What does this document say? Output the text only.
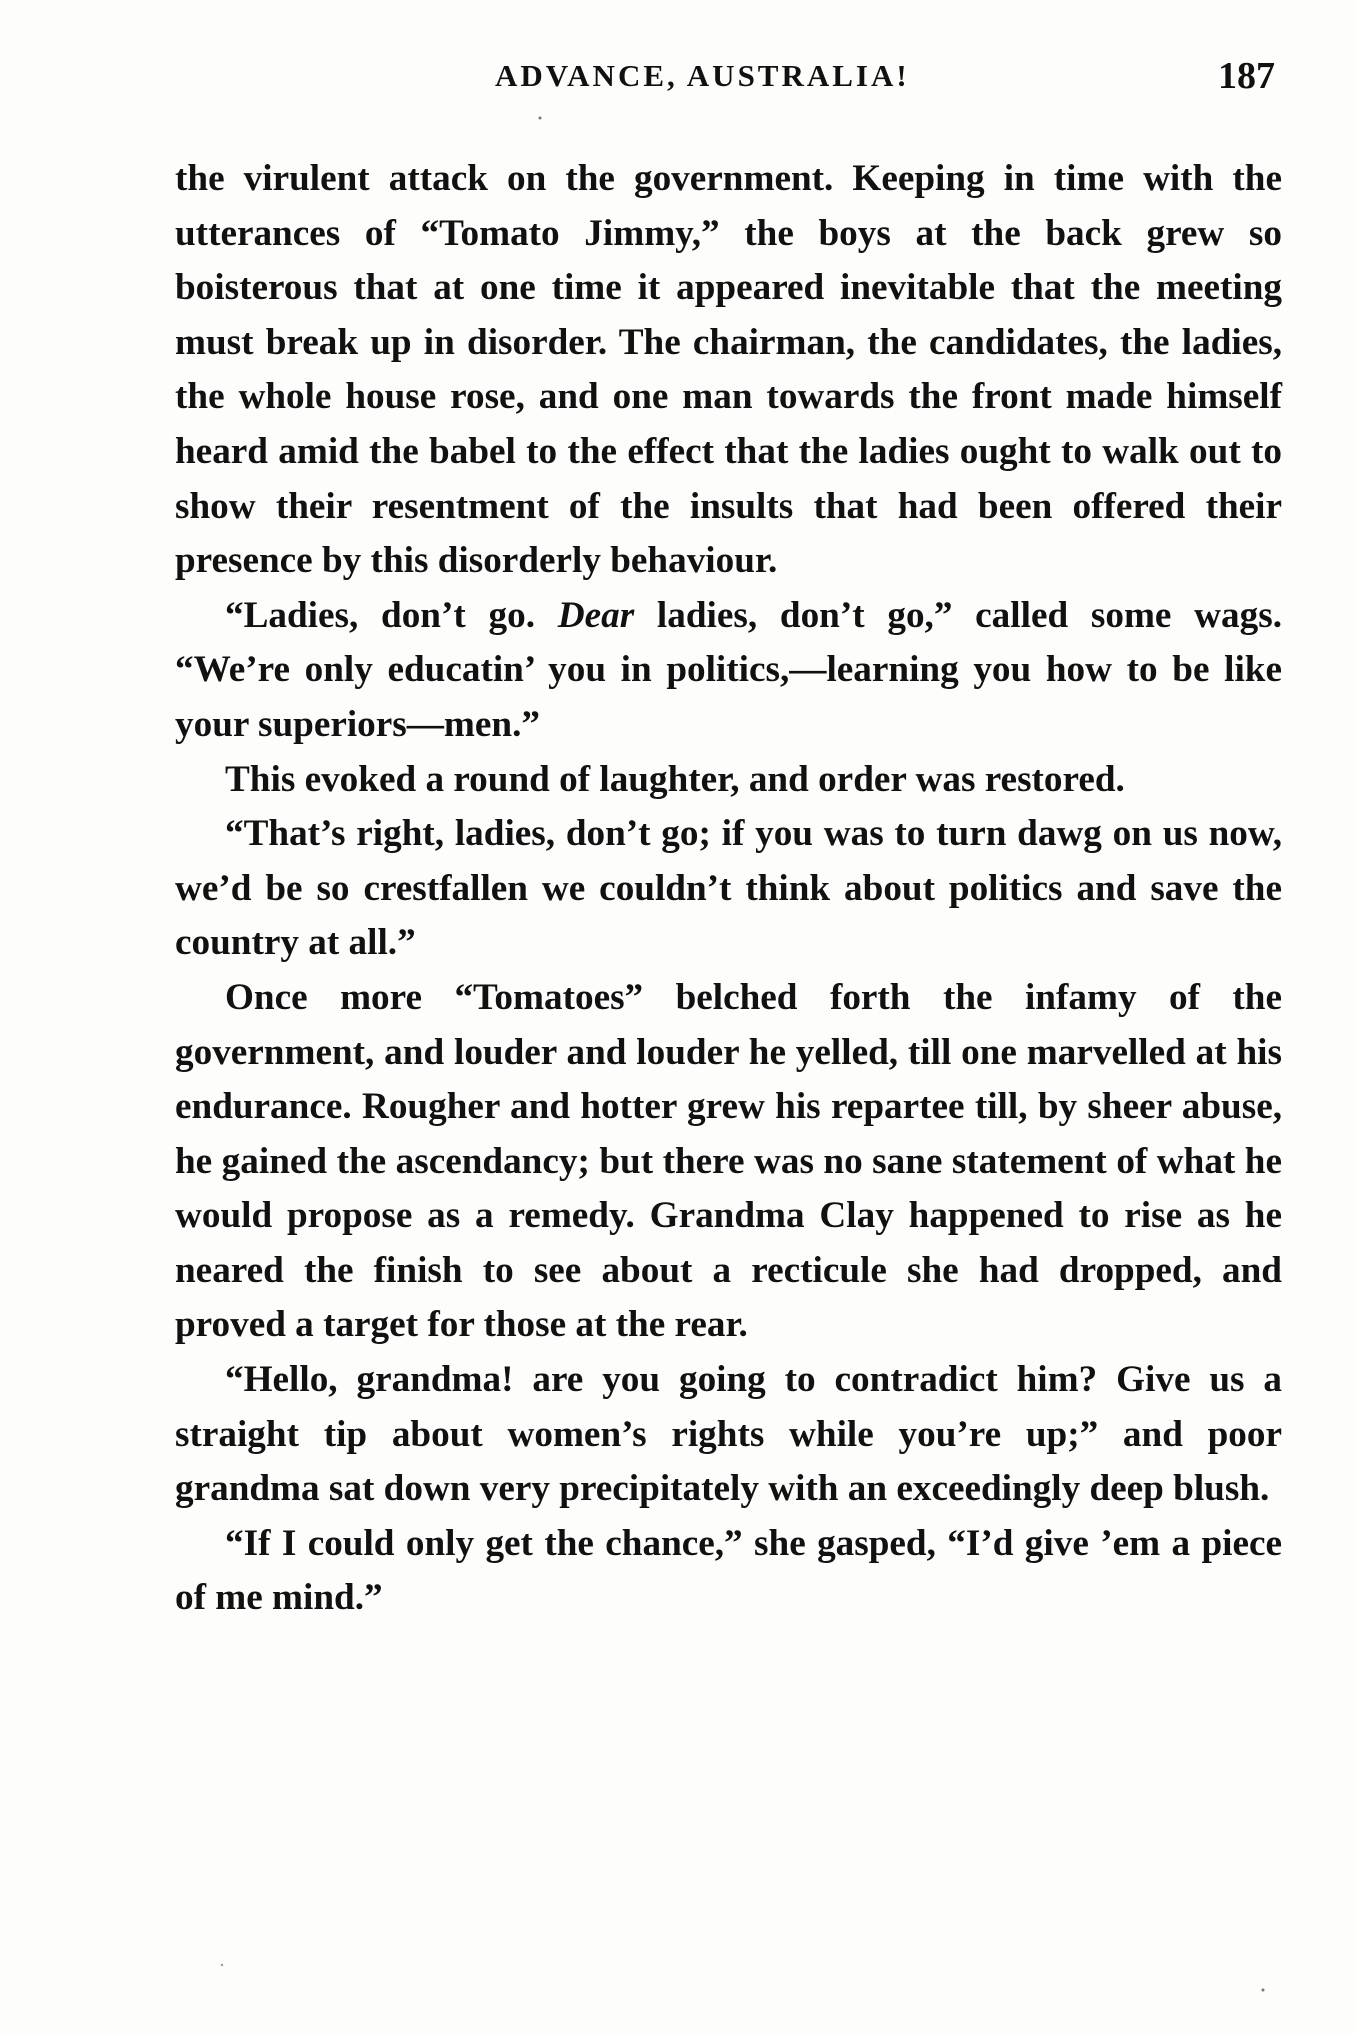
ADVANCE, AUSTRALIA!	187

the virulent attack on the government. Keeping in time with the utterances of “Tomato Jimmy,” the boys at the back grew so boisterous that at one time it appeared inevitable that the meeting must break up in disorder. The chairman, the candidates, the ladies, the whole house rose, and one man towards the front made himself heard amid the babel to the effect that the ladies ought to walk out to show their resentment of the insults that had been offered their presence by this disorderly behaviour.

“Ladies, don’t go. Dear ladies, don’t go,” called some wags. “We’re only educatin’ you in politics,—learning you how to be like your superiors—men.”

This evoked a round of laughter, and order was restored.

“That’s right, ladies, don’t go; if you was to turn dawg on us now, we’d be so crestfallen we couldn’t think about politics and save the country at all.”

Once more “Tomatoes” belched forth the infamy of the government, and louder and louder he yelled, till one marvelled at his endurance. Rougher and hotter grew his repartee till, by sheer abuse, he gained the ascendancy; but there was no sane statement of what he would propose as a remedy. Grandma Clay happened to rise as he neared the finish to see about a recticule she had dropped, and proved a target for those at the rear.

“Hello, grandma! are you going to contradict him? Give us a straight tip about women’s rights while you’re up;” and poor grandma sat down very precipitately with an exceedingly deep blush.

“If I could only get the chance,” she gasped, “I’d give ’em a piece of me mind.”
